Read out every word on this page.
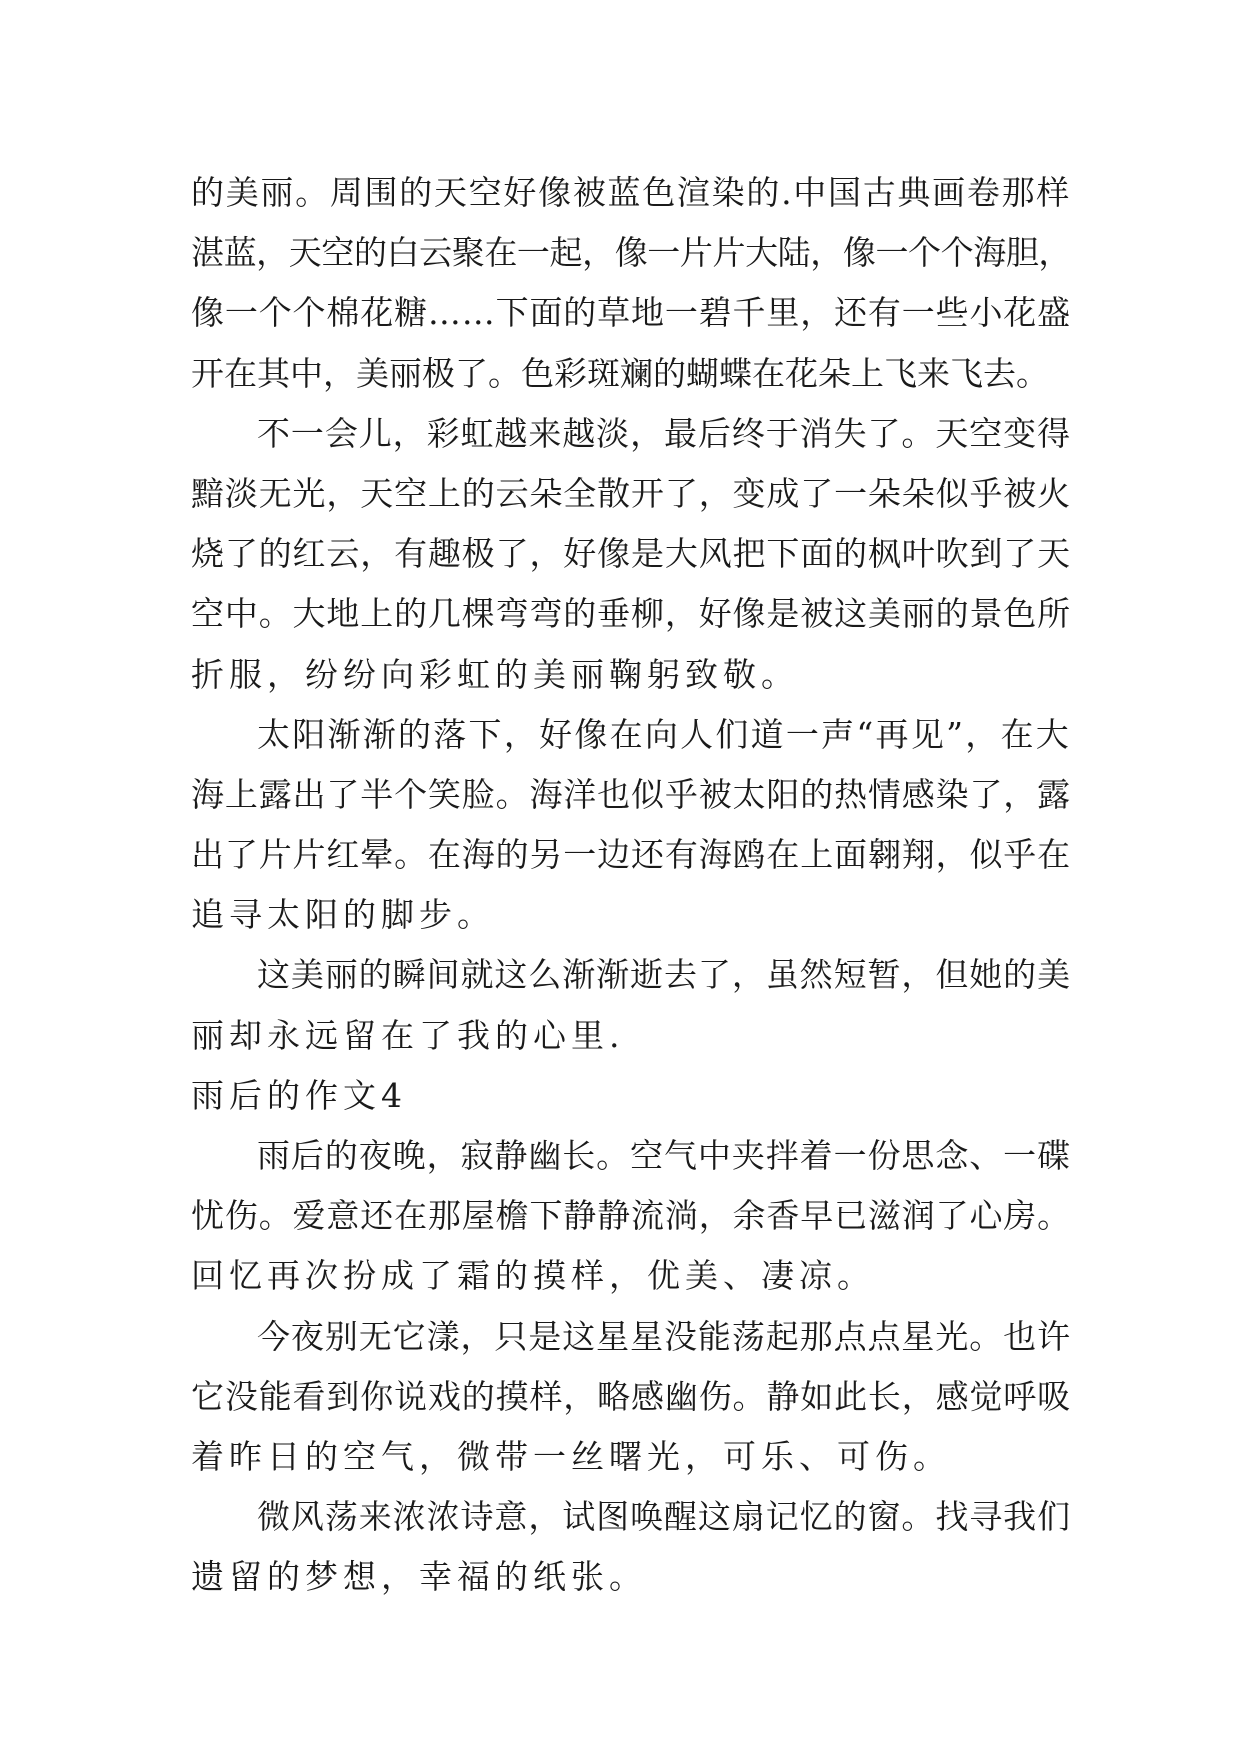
的美丽。周围的天空好像被蓝色渲染的.中国古典画卷那样
湛蓝，天空的白云聚在一起，像一片片大陆，像一个个海胆，
像一个个棉花糖……下面的草地一碧千里，还有一些小花盛
开在其中，美丽极了。色彩斑斓的蝴蝶在花朵上飞来飞去。
不一会儿，彩虹越来越淡，最后终于消失了。天空变得
黯淡无光，天空上的云朵全散开了，变成了一朵朵似乎被火
烧了的红云，有趣极了，好像是大风把下面的枫叶吹到了天
空中。大地上的几棵弯弯的垂柳，好像是被这美丽的景色所
折服，纷纷向彩虹的美丽鞠躬致敬。
太阳渐渐的落下，好像在向人们道一声“再见”，在大
海上露出了半个笑脸。海洋也似乎被太阳的热情感染了，露
出了片片红晕。在海的另一边还有海鸥在上面翱翔，似乎在
追寻太阳的脚步。
这美丽的瞬间就这么渐渐逝去了，虽然短暂，但她的美
丽却永远留在了我的心里.
雨后的作文4
雨后的夜晚，寂静幽长。空气中夹拌着一份思念、一碟
忧伤。爱意还在那屋檐下静静流淌，余香早已滋润了心房。
回忆再次扮成了霜的摸样，优美、凄凉。
今夜别无它漾，只是这星星没能荡起那点点星光。也许
它没能看到你说戏的摸样，略感幽伤。静如此长，感觉呼吸
着昨日的空气，微带一丝曙光，可乐、可伤。
微风荡来浓浓诗意，试图唤醒这扇记忆的窗。找寻我们
遗留的梦想，幸福的纸张。
